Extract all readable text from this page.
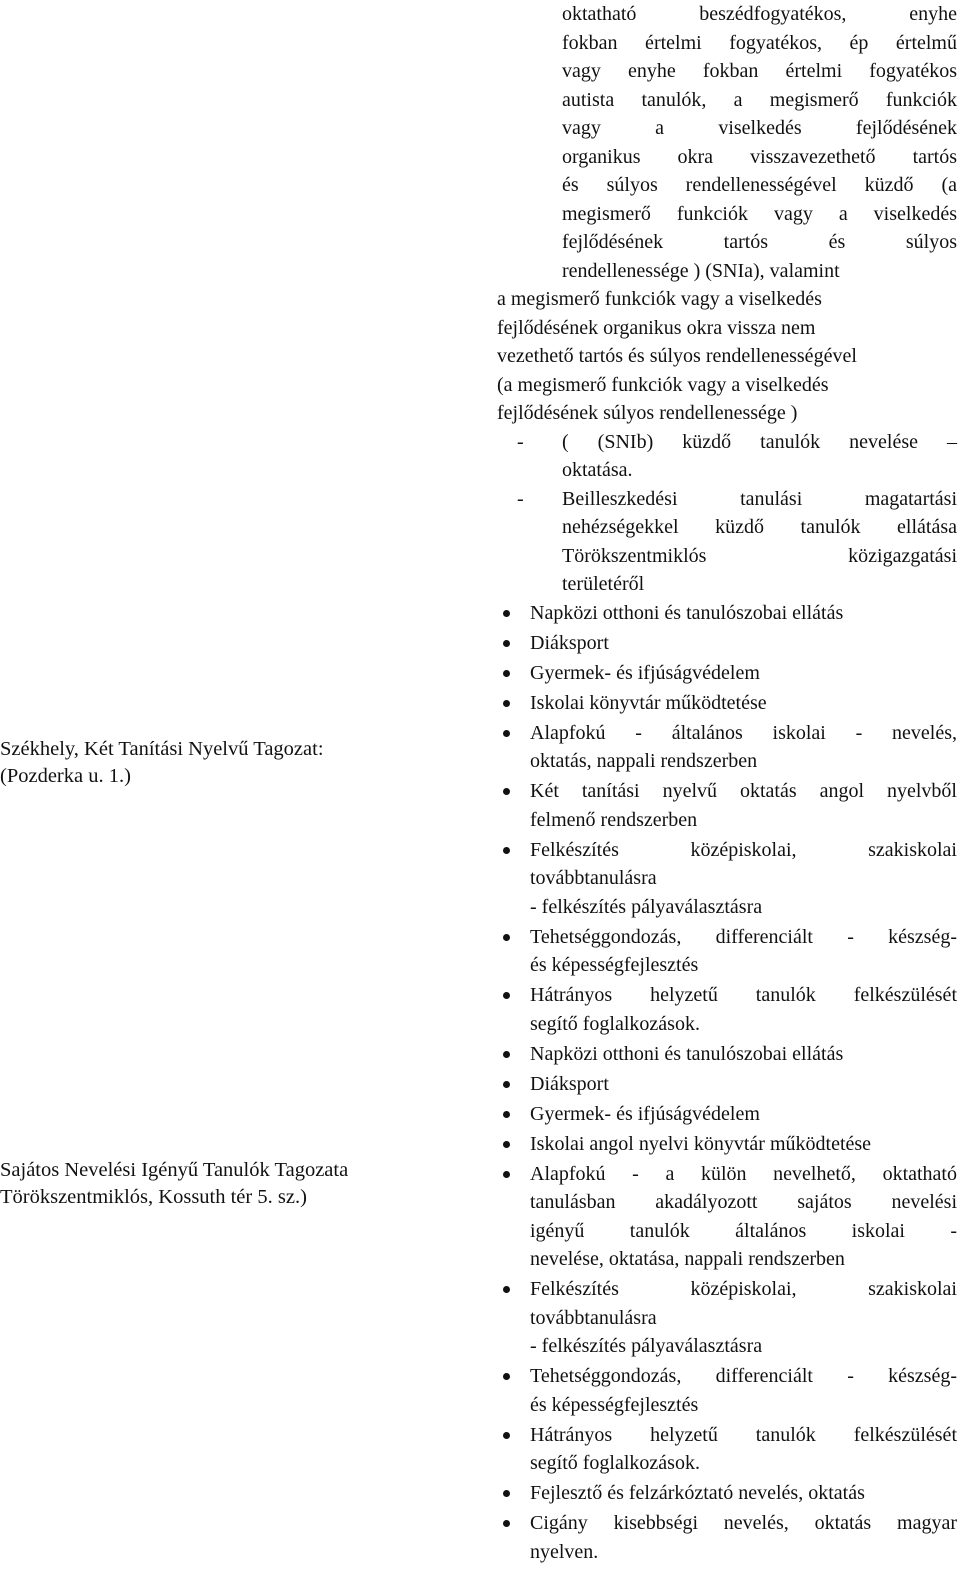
Székhely, Két Tanítási Nyelvű Tagozat:

(Pozderka u. 1.)

Sajátos Nevelési Igényű Tanulók Tagozata

Törökszentmiklós, Kossuth tér 5. sz.)

oktatható beszédfogyatékos, enyhe

fokban értelmi fogyatékos, ép értelmű

vagy enyhe fokban értelmi fogyatékos

autista tanulók, a megismerő funkciók

vagy a viselkedés fejlődésének

organikus okra visszavezethető tartós

és súlyos rendellenességével küzdő (a

megismerő funkciók vagy a viselkedés

fejlődésének tartós és súlyos

rendellenessége ) (SNIa), valamint

a megismerő funkciók vagy a viselkedés

fejlődésének organikus okra vissza nem

vezethető tartós és súlyos rendellenességével

(a megismerő funkciók vagy a viselkedés

fejlődésének súlyos rendellenessége )

- ( (SNIb) küzdő tanulók nevelése –
oktatása.
- Beilleszkedési tanulási magatartási
nehézségekkel küzdő tanulók ellátása
Törökszentmiklós közigazgatási
területéről
Napközi otthoni és tanulószobai ellátás
Diáksport
Gyermek- és ifjúságvédelem
Iskolai könyvtár működtetése
Alapfokú - általános iskolai - nevelés,
oktatás, nappali rendszerben
Két tanítási nyelvű oktatás angol nyelvből
felmenő rendszerben
Felkészítés középiskolai, szakiskolai
továbbtanulásra
- felkészítés pályaválasztásra
Tehetséggondozás, differenciált - készség-
és képességfejlesztés
Hátrányos helyzetű tanulók felkészülését
segítő foglalkozások.
Napközi otthoni és tanulószobai ellátás
Diáksport
Gyermek- és ifjúságvédelem
Iskolai angol nyelvi könyvtár működtetése
Alapfokú - a külön nevelhető, oktatható
tanulásban akadályozott sajátos nevelési
igényű tanulók általános iskolai -
nevelése, oktatása, nappali rendszerben
Felkészítés középiskolai, szakiskolai
továbbtanulásra
- felkészítés pályaválasztásra
Tehetséggondozás, differenciált - készség-
és képességfejlesztés
Hátrányos helyzetű tanulók felkészülését
segítő foglalkozások.
Fejlesztő és felzárkóztató nevelés, oktatás
Cigány kisebbségi nevelés, oktatás magyar
nyelven.
